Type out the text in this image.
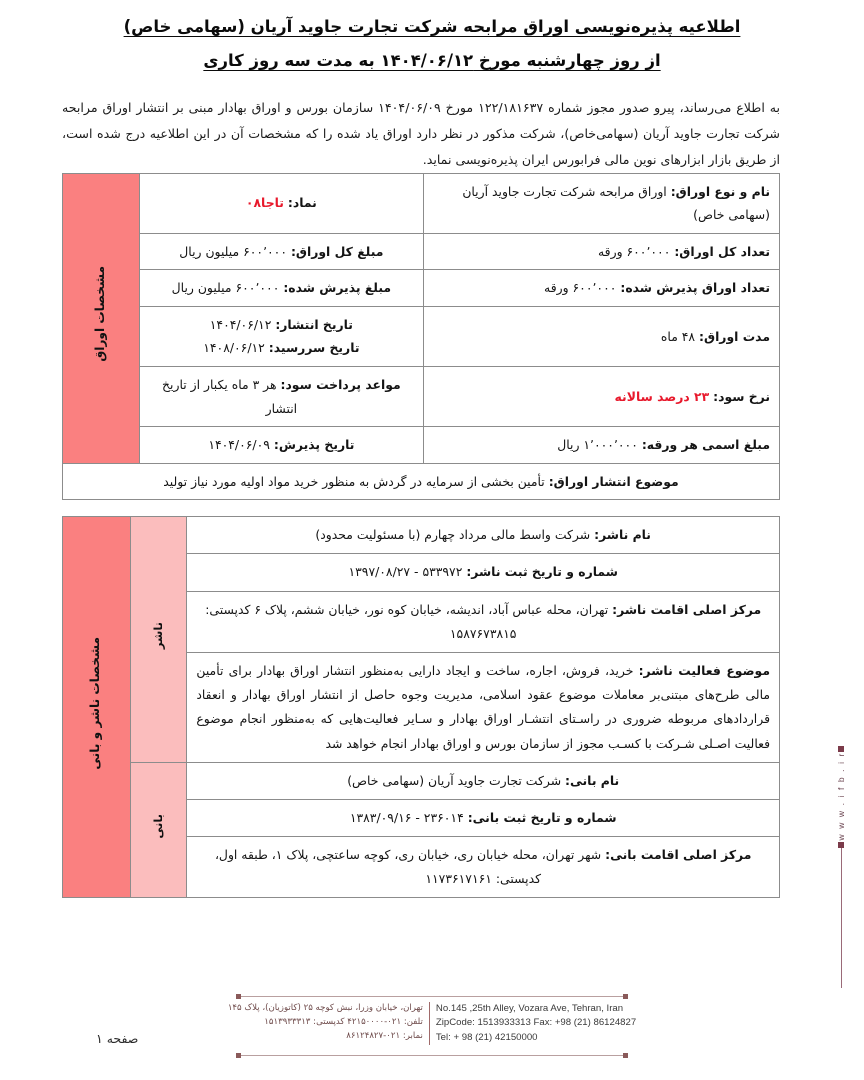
اطلاعیه پذیره‌نویسی اوراق مرابحه شرکت تجارت جاوید آریان (سهامی خاص)
از روز چهارشنبه مورخ ۱۴۰۴/۰۶/۱۲ به مدت سه روز کاری

به اطلاع می‌رساند، پیرو صدور مجوز شماره ۱۲۲/۱۸۱۶۳۷ مورخ ۱۴۰۴/۰۶/۰۹ سازمان بورس و اوراق بهادار مبنی بر انتشار اوراق مرابحه شرکت تجارت جاوید آریان (سهامی‌خاص)، شرکت مذکور در نظر دارد اوراق یاد شده را که مشخصات آن در این اطلاعیه درج شده است، از طریق بازار ابزارهای نوین مالی فرابورس ایران پذیره‌نویسی نماید.

نام و نوع اوراق: اوراق مرابحه شرکت تجارت جاوید آریان (سهامی خاص)	نماد: تاجا۰۸	مشخصات اوراق
تعداد کل اوراق: ۶۰۰٬۰۰۰ ورقه	مبلغ کل اوراق: ۶۰۰٬۰۰۰ میلیون ریال	
تعداد اوراق پذیرش شده: ۶۰۰٬۰۰۰ ورقه	مبلغ پذیرش شده: ۶۰۰٬۰۰۰ میلیون ریال	
مدت اوراق: ۴۸ ماه	تاریخ انتشار: ۱۴۰۴/۰۶/۱۲
تاریخ سررسید: ۱۴۰۸/۰۶/۱۲	

نرخ سود: ۲۳ درصد سالانه	مواعد پرداخت سود: هر ۳ ماه یکبار از تاریخ انتشار	
مبلغ اسمی هر ورقه: ۱٬۰۰۰٬۰۰۰ ریال	تاریخ پذیرش: ۱۴۰۴/۰۶/۰۹	
موضوع انتشار اوراق: تأمین بخشی از سرمایه در گردش به منظور خرید مواد اولیه مورد نیاز تولید		
نام ناشر: شرکت واسط مالی مرداد چهارم (با مسئولیت محدود)	ناشر	مشخصات ناشر و بانی
شماره و تاریخ ثبت ناشر: ۵۳۳۹۷۲ - ۱۳۹۷/۰۸/۲۷		
مرکز اصلی اقامت ناشر: تهران، محله عباس آباد، اندیشه، خیابان کوه نور، خیابان ششم، پلاک ۶ کدپستی: ۱۵۸۷۶۷۳۸۱۵		
موضوع فعالیت ناشر: خرید، فروش، اجاره، ساخت و ایجاد دارایی به‌منظور انتشار اوراق بهادار برای تأمین مالی طرح‌های مبتنی‌بر معاملات موضوع عقود اسلامی، مدیریت وجوه حاصل از انتشار اوراق بهادار و انعقاد قراردادهای مربوطه ضروری در راسـتای انتشـار اوراق بهادار و سـایر فعالیت‌هایی که به‌منظور انجام موضوع فعالیت اصـلی شـرکت با کسـب مجوز از سازمان بورس و اوراق بهادار انجام خواهد شد		
نام بانی: شرکت تجارت جاوید آریان (سهامی خاص)	بانی	
شماره و تاریخ ثبت بانی: ۲۳۶۰۱۴ - ۱۳۸۳/۰۹/۱۶		
مرکز اصلی اقامت بانی: شهر تهران، محله خیابان ری، خیابان ری، کوچه ساعتچی، پلاک ۱، طبقه اول، کدپستی: ۱۱۷۳۶۱۷۱۶۱		
w w w . i f b . i r
صفحه ۱
No.145 ,25th Alley, Vozara Ave, Tehran, Iran
ZipCode: 1513933313 Fax: +98 (21) 86124827
Tel: + 98 (21) 42150000
تهران، خیابان وزرا، نبش کوچه ۲۵ (کاتوزیان)، پلاک ۱۴۵
تلفن: ۰۲۱-۴۲۱۵۰۰۰۰ کدپستی: ۱۵۱۳۹۳۳۳۱۳
نمابر: ۰۲۱-۸۶۱۲۴۸۲۷
